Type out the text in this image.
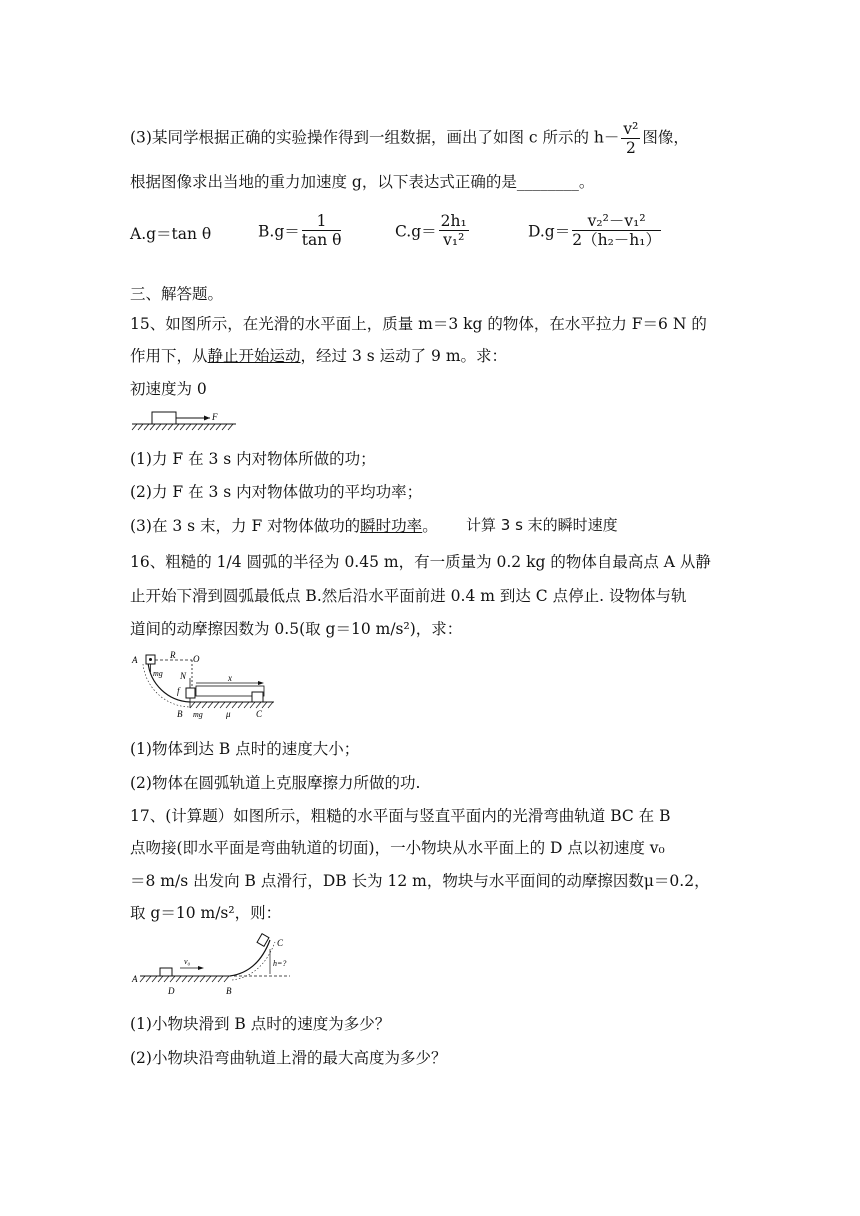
(3)某同学根据正确的实验操作得到一组数据，画出了如图 c 所示的 $h- \frac{\text{v²}}{2}$ 图像，
根据图像求出当地的重力加速度 g，以下表达式正确的是________。
A.g＝tan θ	$B.g= \frac{1}{\text{tan θ}}$	$C.g= \frac{\text{2h₁}}{\text{v₁²}}$	$D.g= \frac{\text{v₂²－v₁²}}{\text{2（h₂－h₁）}}$
三、解答题。
15、如图所示，在光滑的水平面上，质量 m＝3 kg 的物体，在水平拉力 F＝6 N 的
作用下，从静止开始运动，经过 3 s 运动了 9 m。求：
初速度为 0
F
(1)力 F 在 3 s 内对物体所做的功；
(2)力 F 在 3 s 内对物体做功的平均功率；
(3)在 3 s 末，力 F 对物体做功的瞬时功率。 计算 3 s 末的瞬时速度
16、粗糙的 1/4 圆弧的半径为 0.45 m，有一质量为 0.2 kg 的物体自最高点 A 从静
止开始下滑到圆弧最低点 B.然后沿水平面前进 0.4 m 到达 C 点停止. 设物体与轨
道间的动摩擦因数为 0.5(取 g＝10 m/s²)，求：
A	R O
mg N
f
x
B mg	μ	C
(1)物体到达 B 点时的速度大小；
(2)物体在圆弧轨道上克服摩擦力所做的功.
17、(计算题）如图所示，粗糙的水平面与竖直平面内的光滑弯曲轨道 BC 在 B
点吻接(即水平面是弯曲轨道的切面)，一小物块从水平面上的 D 点以初速度 v₀
＝8 m/s 出发向 B 点滑行，DB 长为 12 m，物块与水平面间的动摩擦因数μ＝0.2，
取 g＝10 m/s²，则：
A
D	B
C
v₀	h=?
(1)小物块滑到 B 点时的速度为多少？
(2)小物块沿弯曲轨道上滑的最大高度为多少？
